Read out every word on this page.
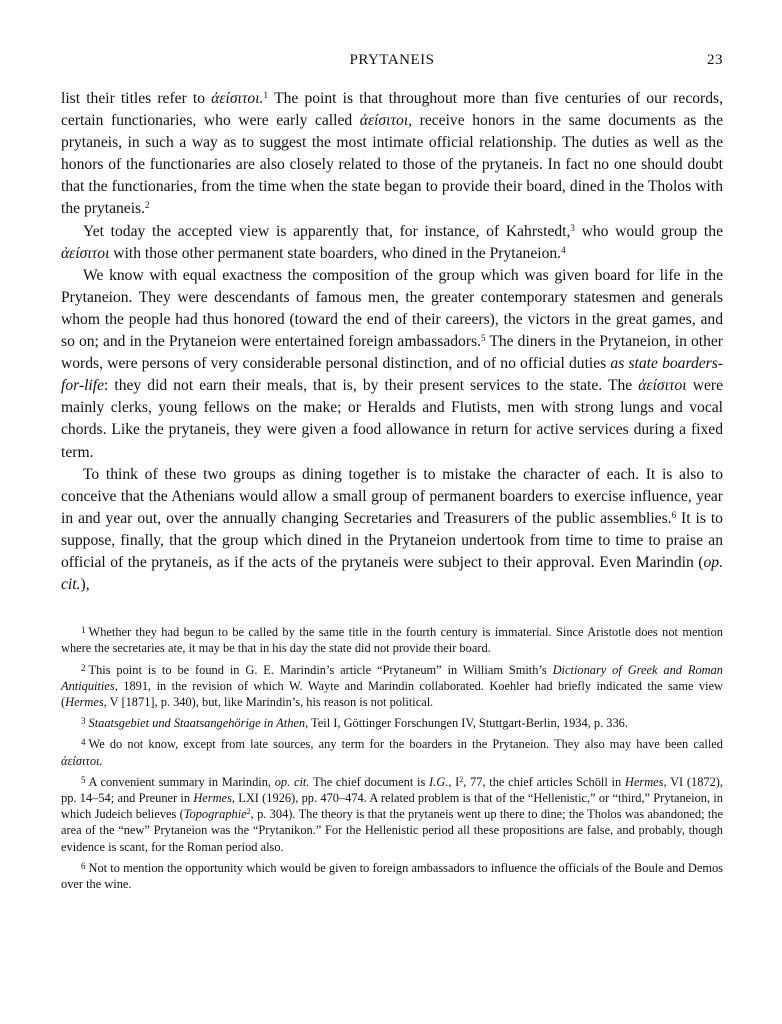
PRYTANEIS	23

list their titles refer to ἀείσιτοι.$^1$ The point is that throughout more than five centuries of our records, certain functionaries, who were early called ἀείσιτοι, receive honors in the same documents as the prytaneis, in such a way as to suggest the most intimate official relationship. The duties as well as the honors of the functionaries are also closely related to those of the prytaneis. In fact no one should doubt that the functionaries, from the time when the state began to provide their board, dined in the Tholos with the prytaneis.$^2$

Yet today the accepted view is apparently that, for instance, of Kahrstedt,$^3$ who would group the ἀείσιτοι with those other permanent state boarders, who dined in the Prytaneion.$^4$

We know with equal exactness the composition of the group which was given board for life in the Prytaneion. They were descendants of famous men, the greater contemporary statesmen and generals whom the people had thus honored (toward the end of their careers), the victors in the great games, and so on; and in the Prytaneion were entertained foreign ambassadors.$^5$ The diners in the Prytaneion, in other words, were persons of very considerable personal distinction, and of no official duties as state boarders-for-life: they did not earn their meals, that is, by their present services to the state. The ἀείσιτοι were mainly clerks, young fellows on the make; or Heralds and Flutists, men with strong lungs and vocal chords. Like the prytaneis, they were given a food allowance in return for active services during a fixed term.

To think of these two groups as dining together is to mistake the character of each. It is also to conceive that the Athenians would allow a small group of permanent boarders to exercise influence, year in and year out, over the annually changing Secretaries and Treasurers of the public assemblies.$^6$ It is to suppose, finally, that the group which dined in the Prytaneion undertook from time to time to praise an official of the prytaneis, as if the acts of the prytaneis were subject to their approval. Even Marindin (op. cit.),

$^1$ Whether they had begun to be called by the same title in the fourth century is immaterial. Since Aristotle does not mention where the secretaries ate, it may be that in his day the state did not provide their board.

$^2$ This point is to be found in G. E. Marindin’s article “Prytaneum” in William Smith’s Dictionary of Greek and Roman Antiquities, 1891, in the revision of which W. Wayte and Marindin collaborated. Koehler had briefly indicated the same view (Hermes, V [1871], p. 340), but, like Marindin’s, his reason is not political.

$^3$ Staatsgebiet und Staatsangehörige in Athen, Teil I, Göttinger Forschungen IV, Stuttgart-Berlin, 1934, p. 336.

$^4$ We do not know, except from late sources, any term for the boarders in the Prytaneion. They also may have been called ἀείσιτοι.

$^5$ A convenient summary in Marindin, op. cit. The chief document is I.G., $I^2$, 77, the chief articles Schöll in Hermes, VI (1872), pp. 14–54; and Preuner in Hermes, LXI (1926), pp. 470–474. A related problem is that of the “Hellenistic,” or “third,” Prytaneion, in which Judeich believes (Topographie$^2$, p. 304). The theory is that the prytaneis went up there to dine; the Tholos was abandoned; the area of the “new” Prytaneion was the “Prytanikon.” For the Hellenistic period all these propositions are false, and probably, though evidence is scant, for the Roman period also.

$^6$ Not to mention the opportunity which would be given to foreign ambassadors to influence the officials of the Boule and Demos over the wine.
